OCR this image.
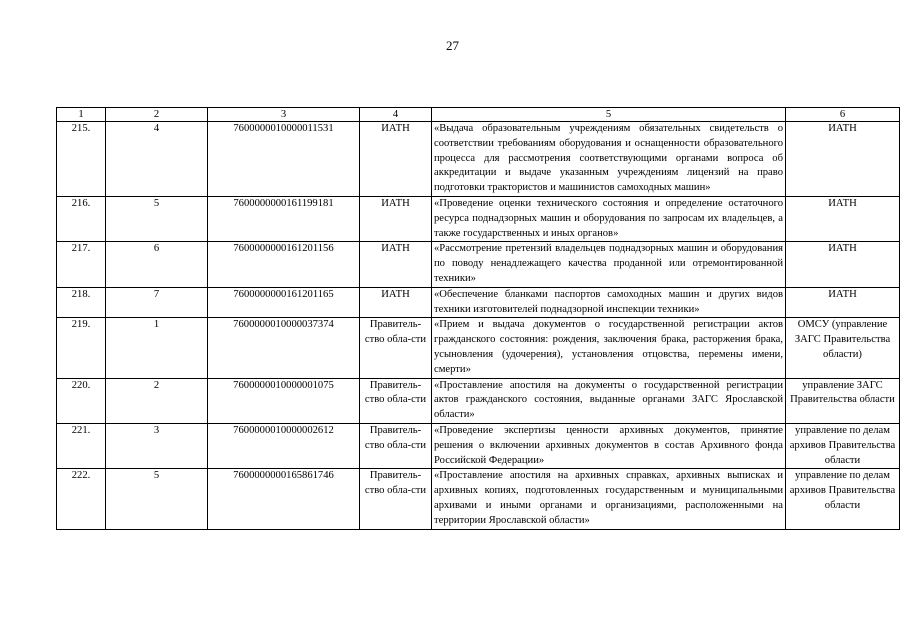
27
1	2	3	4	5	6
215.	4	7600000010000011531	ИАТН	«Выдача образовательным учреждениям обязательных свидетельств о соответствии требованиям оборудования и оснащенности образовательного процесса для рассмотрения соответствующими органами вопроса об аккредитации и выдаче указанным учреждениям лицензий на право подготовки трактористов и машинистов самоходных машин»	ИАТН
216.	5	7600000000161199181	ИАТН	«Проведение оценки технического состояния и определение остаточного ресурса поднадзорных машин и оборудования по запросам их владельцев, а также государственных и иных органов»	ИАТН
217.	6	7600000000161201156	ИАТН	«Рассмотрение претензий владельцев поднадзорных машин и оборудования по поводу ненадлежащего качества проданной или отремонтированной техники»	ИАТН
218.	7	7600000000161201165	ИАТН	«Обеспечение бланками паспортов самоходных машин и других видов техники изготовителей поднадзорной инспекции техники»	ИАТН
219.	1	7600000010000037374	Правитель-ство обла-сти	«Прием и выдача документов о государственной регистрации актов гражданского состояния: рождения, заключения брака, расторжения брака, усыновления (удочерения), установления отцовства, перемены имени, смерти»	ОМСУ (управление ЗАГС Правительства области)
220.	2	7600000010000001075	Правитель-ство обла-сти	«Проставление апостиля на документы о государственной регистрации актов гражданского состояния, выданные органами ЗАГС Ярославской области»	управление ЗАГС Правительства области
221.	3	7600000010000002612	Правитель-ство обла-сти	«Проведение экспертизы ценности архивных документов, принятие решения о включении архивных документов в состав Архивного фонда Российской Федерации»	управление по делам архивов Правительства области
222.	5	7600000000165861746	Правитель-ство обла-сти	«Проставление апостиля на архивных справках, архивных выписках и архивных копиях, подготовленных государственным и муниципальными архивами и иными органами и организациями, расположенными на территории Ярославской области»	управление по делам архивов Правительства области
